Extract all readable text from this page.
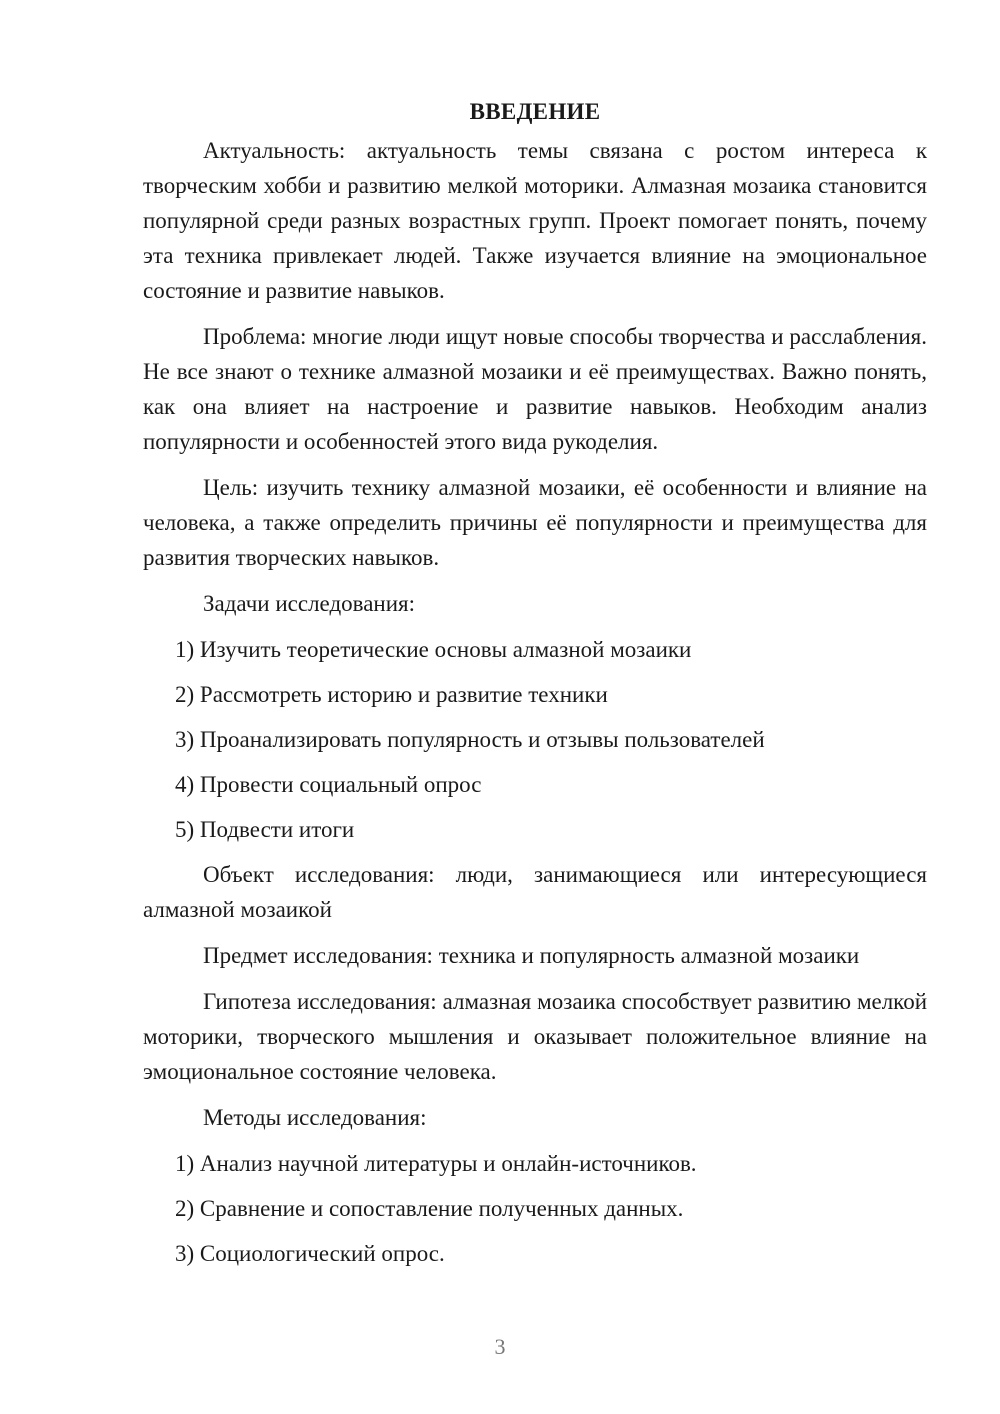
ВВЕДЕНИЕ

Актуальность: актуальность темы связана с ростом интереса к творческим хобби и развитию мелкой моторики. Алмазная мозаика становится популярной среди разных возрастных групп. Проект помогает понять, почему эта техника привлекает людей. Также изучается влияние на эмоциональное состояние и развитие навыков.

Проблема: многие люди ищут новые способы творчества и расслабления. Не все знают о технике алмазной мозаики и её преимуществах. Важно понять, как она влияет на настроение и развитие навыков. Необходим анализ популярности и особенностей этого вида рукоделия.

Цель: изучить технику алмазной мозаики, её особенности и влияние на человека, а также определить причины её популярности и преимущества для развития творческих навыков.

Задачи исследования:

1) Изучить теоретические основы алмазной мозаики

2) Рассмотреть историю и развитие техники

3) Проанализировать популярность и отзывы пользователей

4) Провести социальный опрос

5) Подвести итоги

Объект исследования: люди, занимающиеся или интересующиеся алмазной мозаикой

Предмет исследования: техника и популярность алмазной мозаики

Гипотеза исследования: алмазная мозаика способствует развитию мелкой моторики, творческого мышления и оказывает положительное влияние на эмоциональное состояние человека.

Методы исследования:

1) Анализ научной литературы и онлайн-источников.

2) Сравнение и сопоставление полученных данных.

3) Социологический опрос.

3
